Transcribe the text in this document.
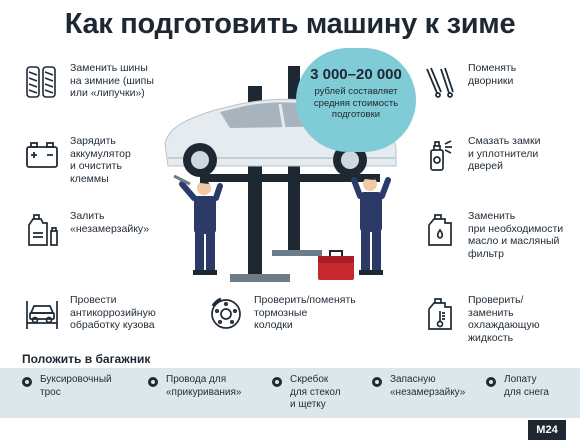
Как подготовить машину к зиме
Заменить шины
на зимние (шипы
или «липучки»)
Зарядить
аккумулятор
и очистить
клеммы
Залить
«незамерзайку»
Провести
антикоррозийную
обработку кузова
Поменять
дворники
Смазать замки
и уплотнители
дверей
Заменить
при необходимости
масло и масляный
фильтр
Проверить/
заменить
охлаждающую
жидкость
Проверить/поменять
тормозные
колодки
3 000–20 000
рублей составляет
средняя стоимость
подготовки
Положить в багажник
Буксировочный
трос
Провода для
«прикуривания»
Скребок
для стекол
и щетку
Запасную
«незамерзайку»
Лопату
для снега
M24
